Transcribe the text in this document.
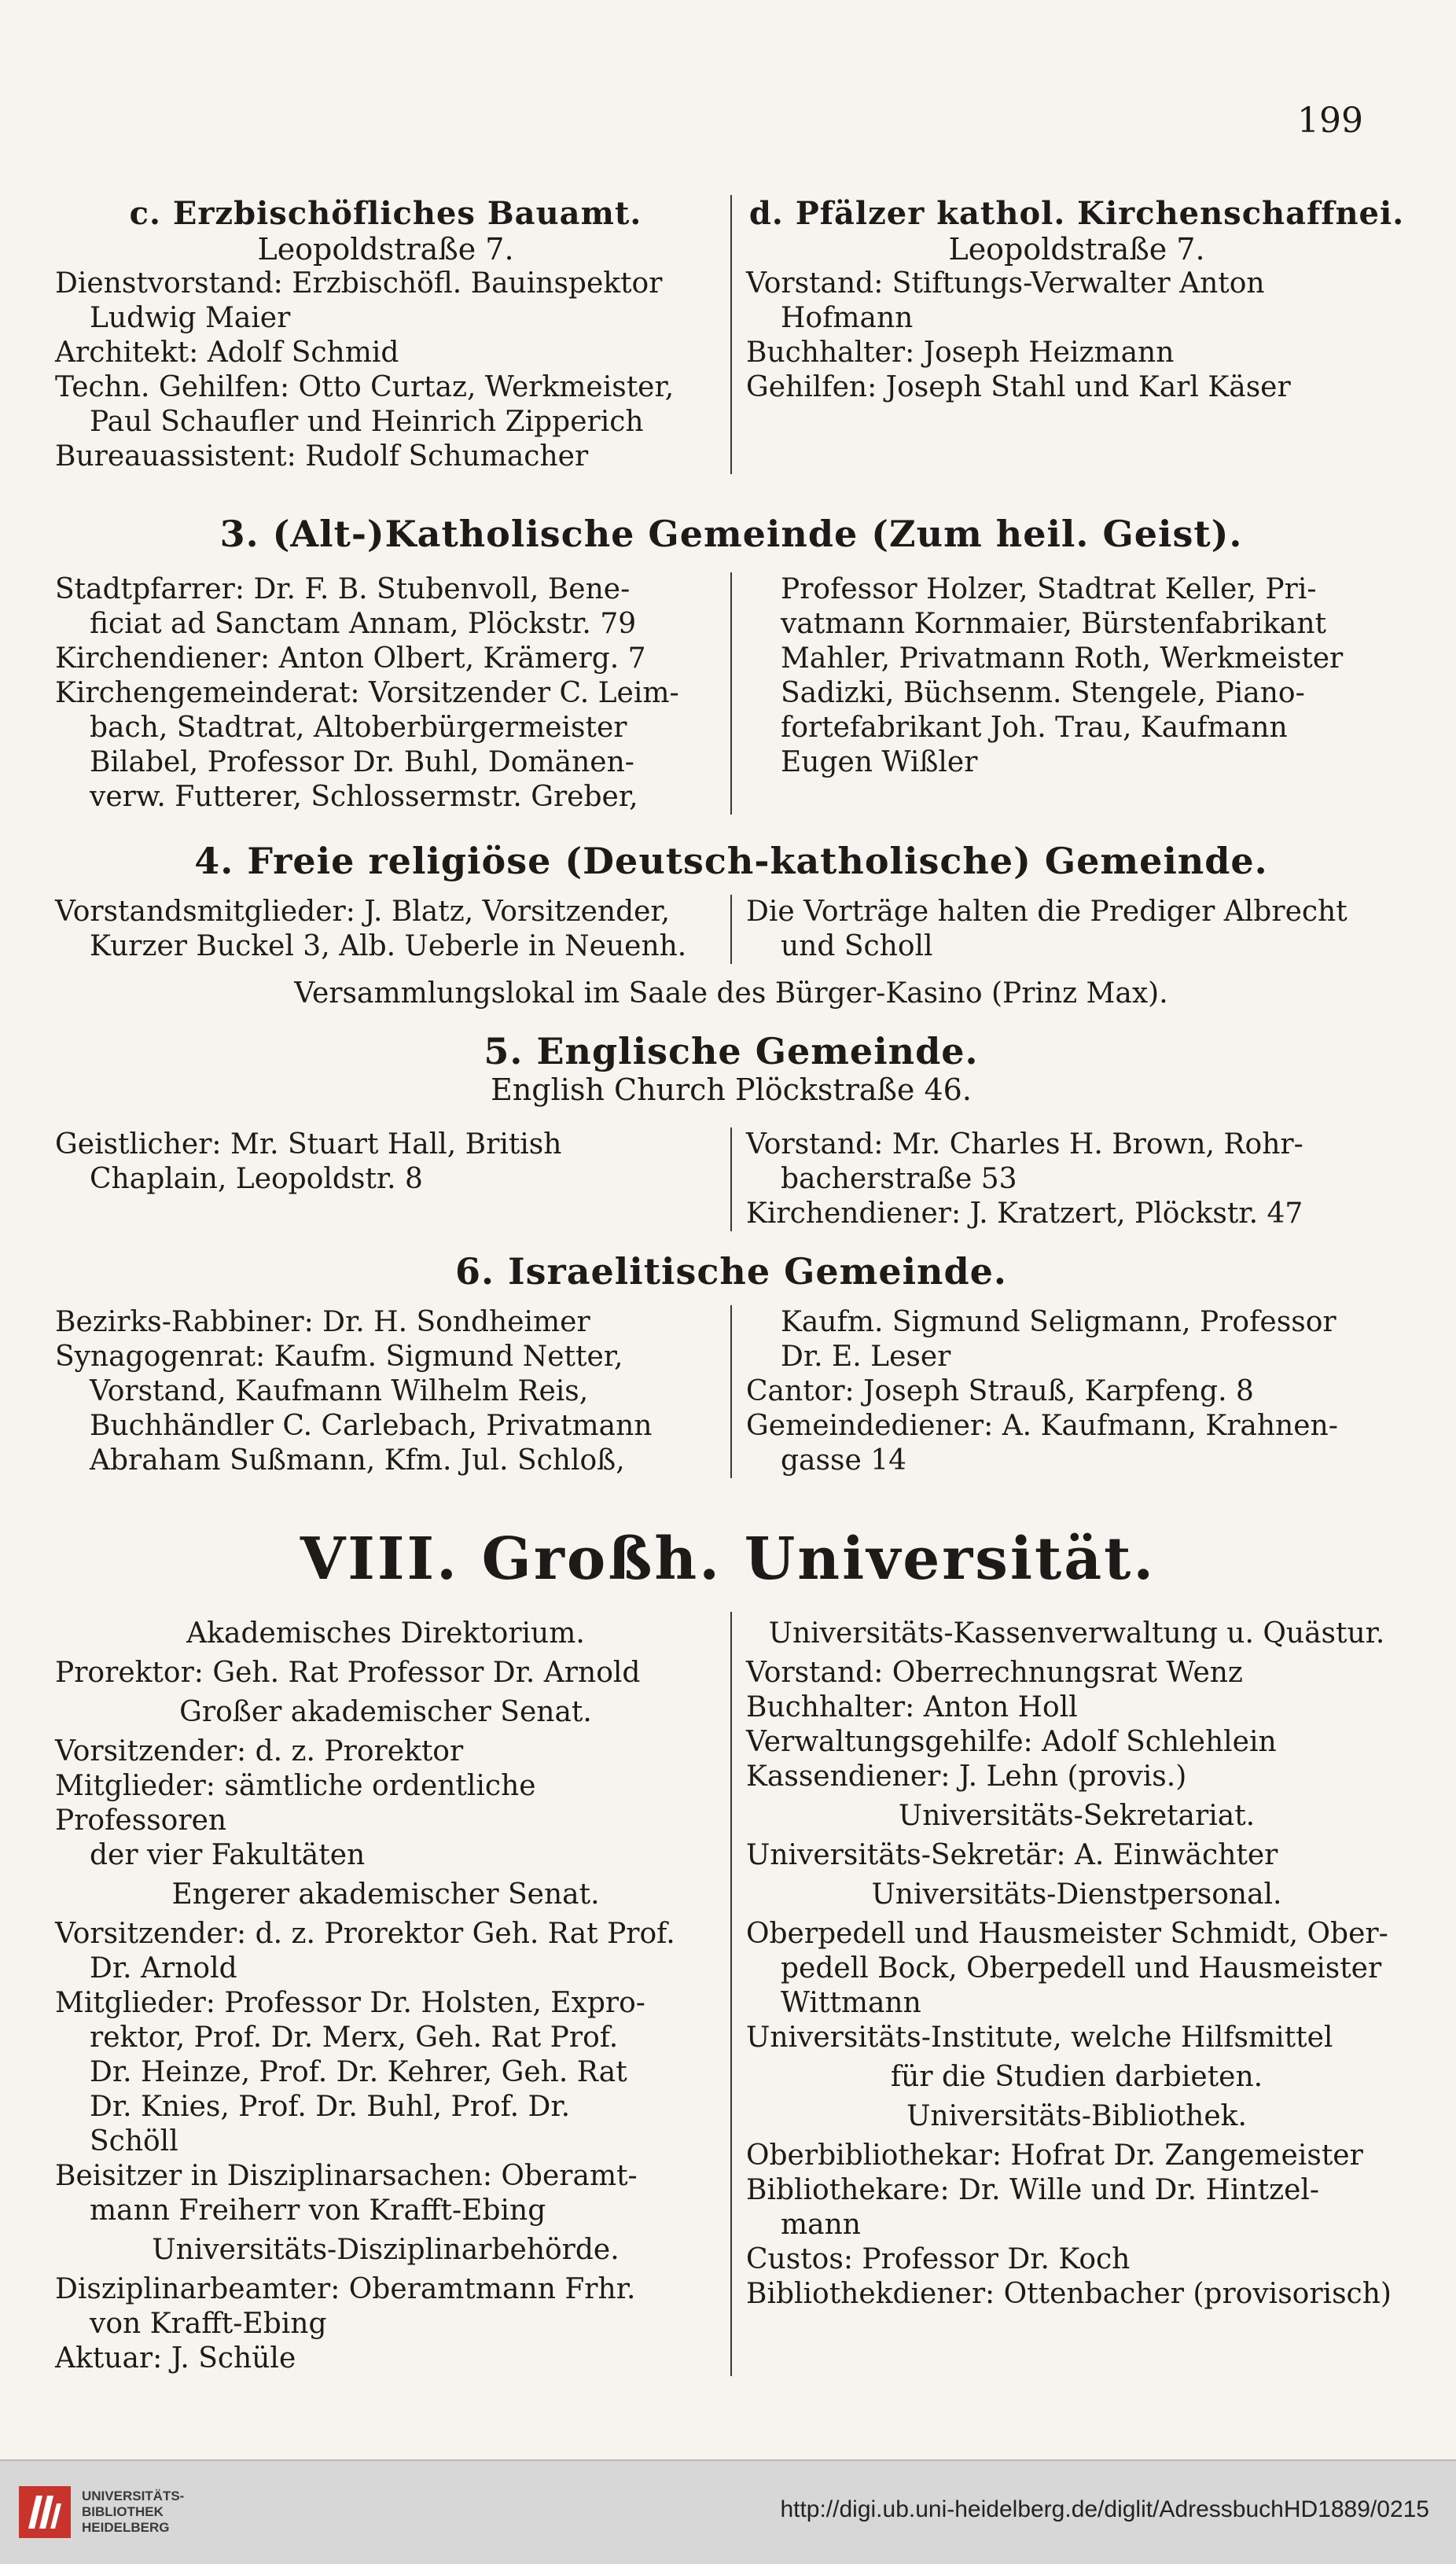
199

c. Erzbischöfliches Bauamt.

Leopoldstraße 7.

Dienstvorstand: Erzbischöfl. Bauinspektor
Ludwig Maier
Architekt: Adolf Schmid
Techn. Gehilfen: Otto Curtaz, Werkmeister,
Paul Schaufler und Heinrich Zipperich
Bureauassistent: Rudolf Schumacher

d. Pfälzer kathol. Kirchenschaffnei.

Leopoldstraße 7.

Vorstand: Stiftungs-Verwalter Anton
Hofmann
Buchhalter: Joseph Heizmann
Gehilfen: Joseph Stahl und Karl Käser

3. (Alt-)Katholische Gemeinde (Zum heil. Geist).

Stadtpfarrer: Dr. F. B. Stubenvoll, Bene-
ficiat ad Sanctam Annam, Plöckstr. 79
Kirchendiener: Anton Olbert, Krämerg. 7
Kirchengemeinderat: Vorsitzender C. Leim-
bach, Stadtrat, Altoberbürgermeister
Bilabel, Professor Dr. Buhl, Domänen-
verw. Futterer, Schlossermstr. Greber,
Professor Holzer, Stadtrat Keller, Pri-
vatmann Kornmaier, Bürstenfabrikant
Mahler, Privatmann Roth, Werkmeister
Sadizki, Büchsenm. Stengele, Piano-
fortefabrikant Joh. Trau, Kaufmann
Eugen Wißler

4. Freie religiöse (Deutsch-katholische) Gemeinde.

Vorstandsmitglieder: J. Blatz, Vorsitzender,
Kurzer Buckel 3, Alb. Ueberle in Neuenh.
Die Vorträge halten die Prediger Albrecht
und Scholl
Versammlungslokal im Saale des Bürger-Kasino (Prinz Max).

5. Englische Gemeinde.

English Church Plöckstraße 46.

Geistlicher: Mr. Stuart Hall, British
Chaplain, Leopoldstr. 8
Vorstand: Mr. Charles H. Brown, Rohr-
bacherstraße 53
Kirchendiener: J. Kratzert, Plöckstr. 47

6. Israelitische Gemeinde.

Bezirks-Rabbiner: Dr. H. Sondheimer
Synagogenrat: Kaufm. Sigmund Netter,
Vorstand, Kaufmann Wilhelm Reis,
Buchhändler C. Carlebach, Privatmann
Abraham Sußmann, Kfm. Jul. Schloß,
Kaufm. Sigmund Seligmann, Professor
Dr. E. Leser
Cantor: Joseph Strauß, Karpfeng. 8
Gemeindediener: A. Kaufmann, Krahnen-
gasse 14
VIII. Großh. Universität.
Akademisches Direktorium.
Prorektor: Geh. Rat Professor Dr. Arnold
Großer akademischer Senat.
Vorsitzender: d. z. Prorektor
Mitglieder: sämtliche ordentliche Professoren
der vier Fakultäten
Engerer akademischer Senat.
Vorsitzender: d. z. Prorektor Geh. Rat Prof.
Dr. Arnold
Mitglieder: Professor Dr. Holsten, Expro-
rektor, Prof. Dr. Merx, Geh. Rat Prof.
Dr. Heinze, Prof. Dr. Kehrer, Geh. Rat
Dr. Knies, Prof. Dr. Buhl, Prof. Dr.
Schöll
Beisitzer in Disziplinarsachen: Oberamt-
mann Freiherr von Krafft-Ebing
Universitäts-Disziplinarbehörde.
Disziplinarbeamter: Oberamtmann Frhr.
von Krafft-Ebing
Aktuar: J. Schüle
Universitäts-Kassenverwaltung u. Quästur.
Vorstand: Oberrechnungsrat Wenz
Buchhalter: Anton Holl
Verwaltungsgehilfe: Adolf Schlehlein
Kassendiener: J. Lehn (provis.)
Universitäts-Sekretariat.
Universitäts-Sekretär: A. Einwächter
Universitäts-Dienstpersonal.
Oberpedell und Hausmeister Schmidt, Ober-
pedell Bock, Oberpedell und Hausmeister
Wittmann
Universitäts-Institute, welche Hilfsmittel
für die Studien darbieten.
Universitäts-Bibliothek.
Oberbibliothekar: Hofrat Dr. Zangemeister
Bibliothekare: Dr. Wille und Dr. Hintzel-
mann
Custos: Professor Dr. Koch
Bibliothekdiener: Ottenbacher (provisorisch)
UNIVERSITÄTS-
BIBLIOTHEK
HEIDELBERG
http://digi.ub.uni-heidelberg.de/diglit/AdressbuchHD1889/0215
